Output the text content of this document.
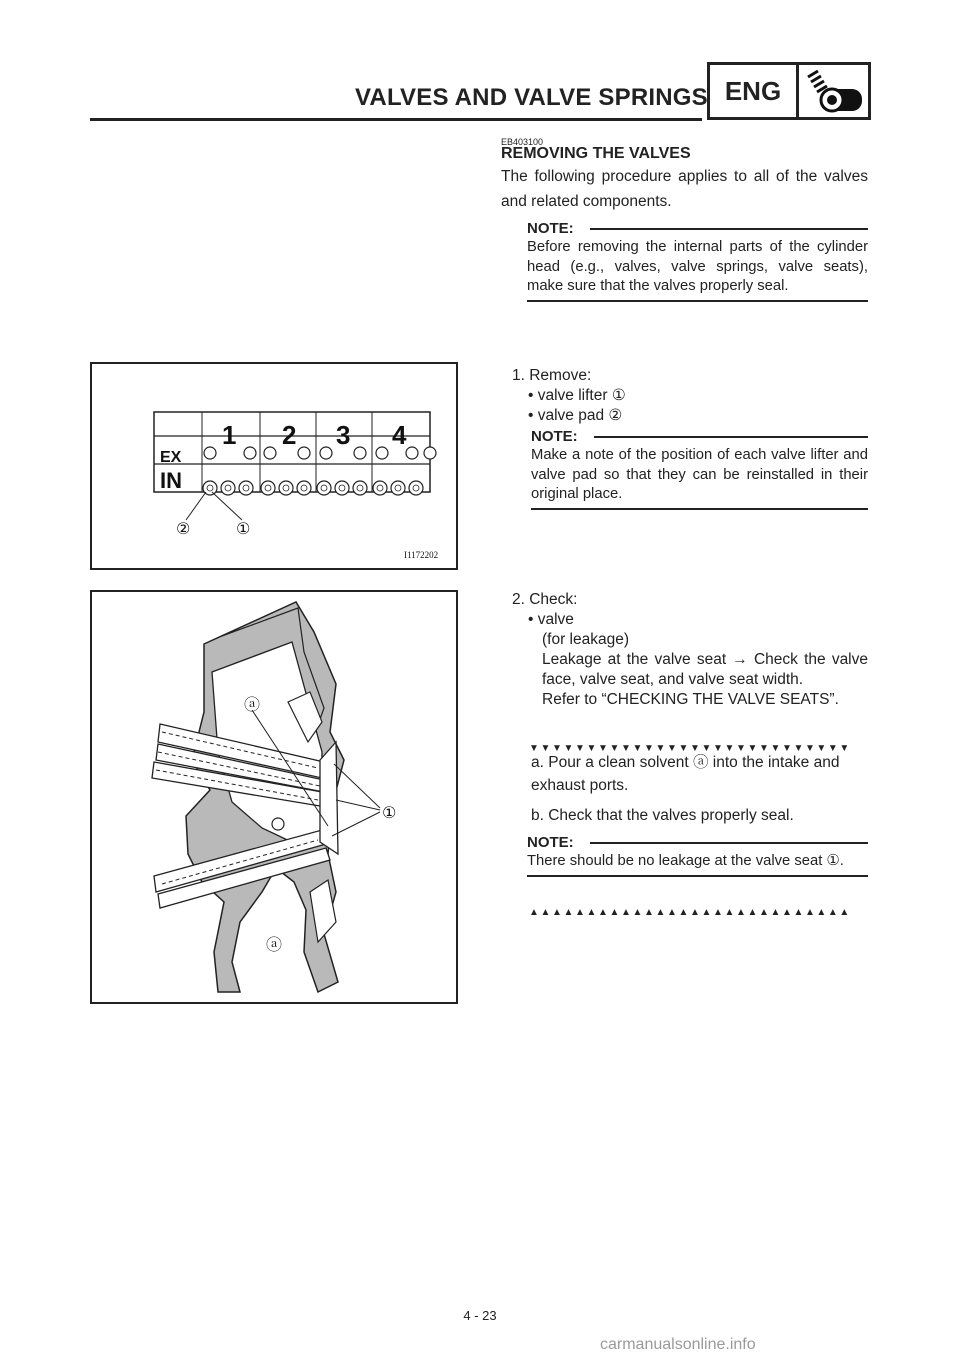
VALVES AND VALVE SPRINGS ENG
EB403100
REMOVING THE VALVES
The following procedure applies to all of the valves and related components.
NOTE:
Before removing the internal parts of the cylinder head (e.g., valves, valve springs, valve seats), make sure that the valves properly seal.
1 2 3 4
EX
IN
②	①
I1172202
1. Remove:
• valve lifter ①
• valve pad ②
NOTE:
Make a note of the position of each valve lifter and valve pad so that they can be reinstalled in their original place.
ⓐ
①
ⓐ
2. Check:
• valve
(for leakage)
Leakage at the valve seat → Check the valve face, valve seat, and valve seat width.
Refer to “CHECKING THE VALVE SEATS”.
▼▼▼▼▼▼▼▼▼▼▼▼▼▼▼▼▼▼▼▼▼▼▼▼▼▼▼▼
a. Pour a clean solvent ⓐ into the intake and exhaust ports.
b. Check that the valves properly seal.
NOTE:
There should be no leakage at the valve seat ①.
▲▲▲▲▲▲▲▲▲▲▲▲▲▲▲▲▲▲▲▲▲▲▲▲▲▲▲▲
4 - 23
carmanualsonline.info
